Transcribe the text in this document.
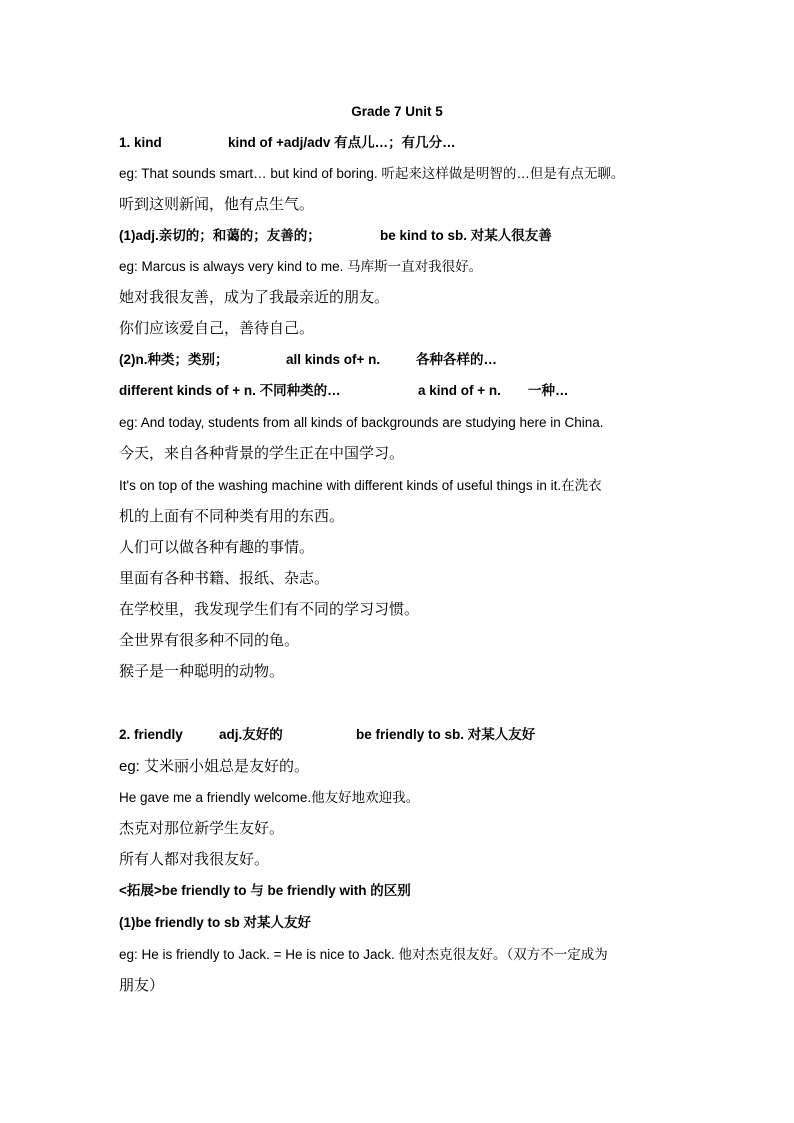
Grade 7 Unit 5
1. kind	kind of +adj/adv 有点儿…；有几分…
eg: That sounds smart… but kind of boring. 听起来这样做是明智的…但是有点无聊。
听到这则新闻，他有点生气。
(1)adj.亲切的；和蔼的；友善的；	be kind to sb. 对某人很友善
eg: Marcus is always very kind to me. 马库斯一直对我很好。
她对我很友善，成为了我最亲近的朋友。
你们应该爱自己，善待自己。
(2)n.种类；类别；	all kinds of+ n.	各种各样的…
different kinds of + n. 不同种类的…	a kind of + n. 一种…
eg: And today, students from all kinds of backgrounds are studying here in China.
今天，来自各种背景的学生正在中国学习。
It's on top of the washing machine with different kinds of useful things in it.在洗衣
机的上面有不同种类有用的东西。
人们可以做各种有趣的事情。
里面有各种书籍、报纸、杂志。
在学校里，我发现学生们有不同的学习习惯。
全世界有很多种不同的龟。
猴子是一种聪明的动物。
2. friendly	adj.友好的	be friendly to sb. 对某人友好
eg: 艾米丽小姐总是友好的。
He gave me a friendly welcome.他友好地欢迎我。
杰克对那位新学生友好。
所有人都对我很友好。
<拓展>be friendly to 与 be friendly with 的区别
(1)be friendly to sb 对某人友好
eg: He is friendly to Jack. = He is nice to Jack. 他对杰克很友好。（双方不一定成为
朋友）
